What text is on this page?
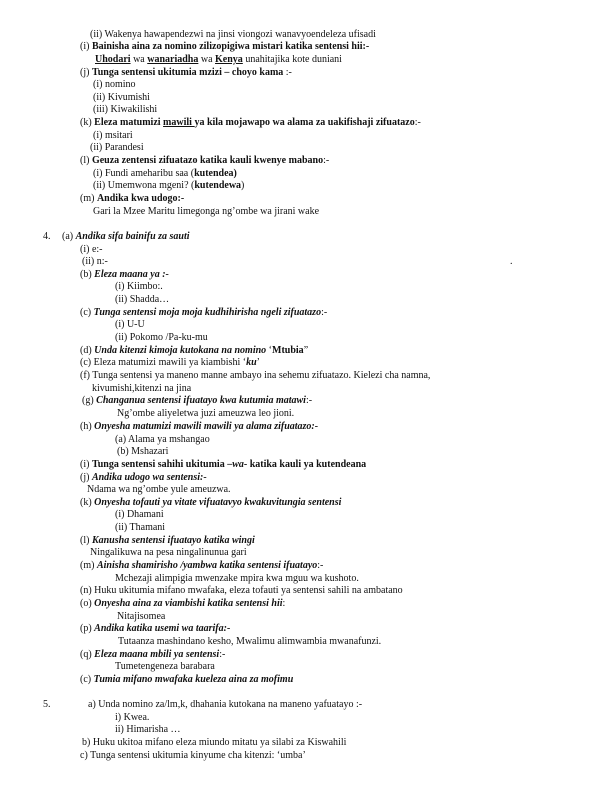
4.
5.
.
(ii) Wakenya hawapendezwi na jinsi viongozi wanavyoendeleza ufisadi
(i) Bainisha aina za nomino zilizopigiwa mistari katika sentensi hii:-
Uhodari wa wanariadha wa Kenya unahitajika kote duniani
(j) Tunga sentensi ukitumia mzizi – choyo kama :-
(i) nomino
(ii) Kivumishi
(iii) Kiwakilishi
(k) Eleza matumizi mawili ya kila mojawapo wa alama za uakifishaji zifuatazo:-
(i) msitari
(ii) Parandesi
(l) Geuza zentensi zifuatazo katika kauli kwenye mabano:-
(i) Fundi ameharibu saa (kutendea)
(ii) Umemwona mgeni? (kutendewa)
(m) Andika kwa udogo:-
Gari la Mzee Maritu limegonga ng’ombe wa jirani wake
(a) Andika sifa bainifu za sauti
(i) e:-
(ii) n:-
(b) Eleza maana ya :-
(i) Kiimbo:.
(ii) Shadda…
(c) Tunga sentensi moja moja kudhihirisha ngeli zifuatazo:-
(i) U-U
(ii) Pokomo /Pa-ku-mu
(d) Unda kitenzi kimoja kutokana na nomino ‘Mtubia”
(c) Eleza matumizi mawili ya kiambishi ‘ku’
(f) Tunga sentensi ya maneno manne ambayo ina sehemu zifuatazo. Kielezi cha namna,
kivumishi,kitenzi na jina
(g) Changanua sentensi ifuatayo kwa kutumia matawi:-
Ng’ombe aliyeletwa juzi ameuzwa leo jioni.
(h) Onyesha matumizi mawili mawili ya alama zifuatazo:-
(a) Alama ya mshangao
(b) Mshazari
(i) Tunga sentensi sahihi ukitumia –wa- katika kauli ya kutendeana
(j) Andika udogo wa sentensi:-
Ndama wa ng’ombe yule ameuzwa.
(k) Onyesha tofauti ya vitate vifuatavyo kwakuvitungia sentensi
(i) Dhamani
(ii) Thamani
(l) Kanusha sentensi ifuatayo katika wingi
Ningalikuwa na pesa ningalinunua gari
(m) Ainisha shamirisho /yambwa katika sentensi ifuatayo:-
Mchezaji alimpigia mwenzake mpira kwa mguu wa kushoto.
(n) Huku ukitumia mifano mwafaka, eleza tofauti ya sentensi sahili na ambatano
(o) Onyesha aina za viambishi katika sentensi hii:
Nitajisomea
(p) Andika katika usemi wa taarifa:-
Tutaanza mashindano kesho, Mwalimu alimwambia mwanafunzi.
(q) Eleza maana mbili ya sentensi:-
Tumetengeneza barabara
(c) Tumia mifano mwafaka kueleza aina za mofimu
a) Unda nomino za/lm,k, dhahania kutokana na maneno yafuatayo :-
i) Kwea.
ii) Himarisha …
b) Huku ukitoa mifano eleza miundo mitatu ya silabi za Kiswahili
c) Tunga sentensi ukitumia kinyume cha kitenzi: ‘umba’
